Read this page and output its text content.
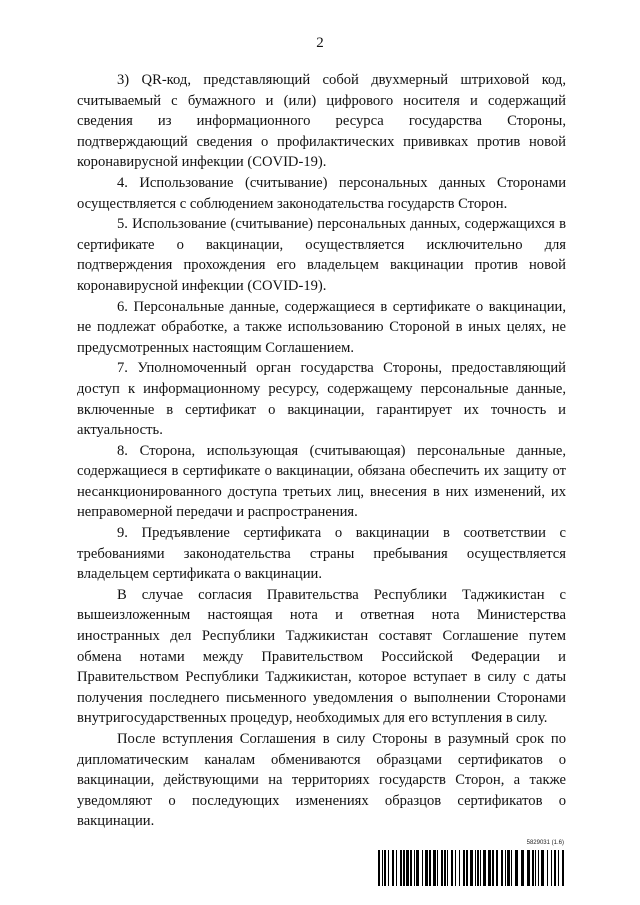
2

3) QR-код, представляющий собой двухмерный штриховой код, считываемый с бумажного и (или) цифрового носителя и содержащий сведения из информационного ресурса государства Стороны, подтверждающий сведения о профилактических прививках против новой коронавирусной инфекции (COVID-19).

4. Использование (считывание) персональных данных Сторонами осуществляется с соблюдением законодательства государств Сторон.

5. Использование (считывание) персональных данных, содержащихся в сертификате о вакцинации, осуществляется исключительно для подтверждения прохождения его владельцем вакцинации против новой коронавирусной инфекции (COVID-19).

6. Персональные данные, содержащиеся в сертификате о вакцинации, не подлежат обработке, а также использованию Стороной в иных целях, не предусмотренных настоящим Соглашением.

7. Уполномоченный орган государства Стороны, предоставляющий доступ к информационному ресурсу, содержащему персональные данные, включенные в сертификат о вакцинации, гарантирует их точность и актуальность.

8. Сторона, использующая (считывающая) персональные данные, содержащиеся в сертификате о вакцинации, обязана обеспечить их защиту от несанкционированного доступа третьих лиц, внесения в них изменений, их неправомерной передачи и распространения.

9. Предъявление сертификата о вакцинации в соответствии с требованиями законодательства страны пребывания осуществляется владельцем сертификата о вакцинации.

В случае согласия Правительства Республики Таджикистан с вышеизложенным настоящая нота и ответная нота Министерства иностранных дел Республики Таджикистан составят Соглашение путем обмена нотами между Правительством Российской Федерации и Правительством Республики Таджикистан, которое вступает в силу с даты получения последнего письменного уведомления о выполнении Сторонами внутригосударственных процедур, необходимых для его вступления в силу.

После вступления Соглашения в силу Стороны в разумный срок по дипломатическим каналам обмениваются образцами сертификатов о вакцинации, действующими на территориях государств Сторон, а также уведомляют о последующих изменениях образцов сертификатов о вакцинации.

5829031 (1.6)
